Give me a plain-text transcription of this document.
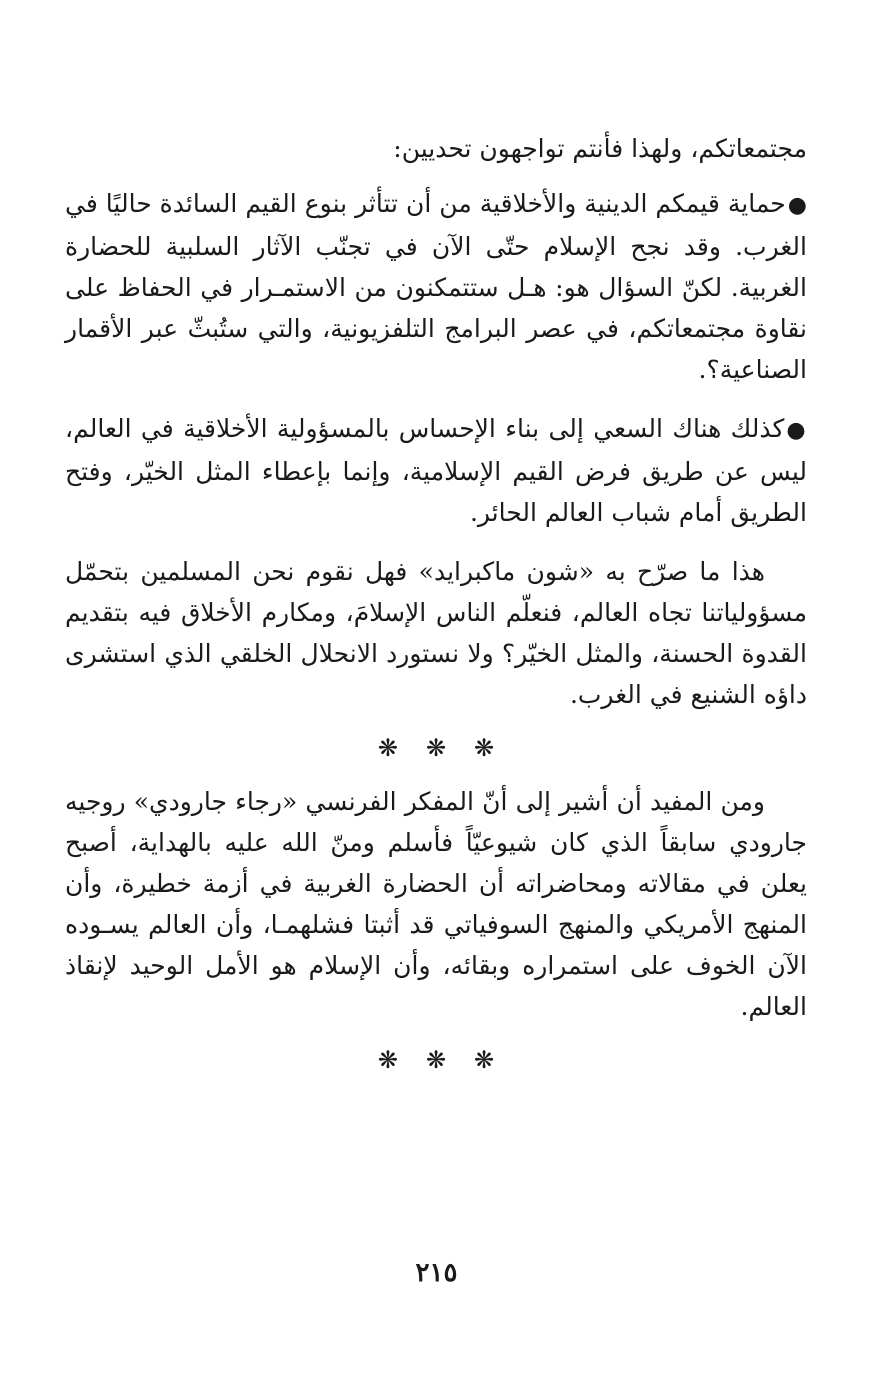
مجتمعاتكم، ولهذا فأنتم تواجهون تحديين:

●حماية قيمكم الدينية والأخلاقية من أن تتأثر بنوع القيم السائدة حاليًا في الغرب. وقد نجح الإسلام حتّى الآن في تجنّب الآثار السلبية للحضارة الغربية. لكنّ السؤال هو: هـل ستتمكنون من الاستمـرار في الحفاظ على نقاوة مجتمعاتكم، في عصر البرامج التلفزيونية، والتي ستُبثّ عبر الأقمار الصناعية؟.

●كذلك هناك السعي إلى بناء الإحساس بالمسؤولية الأخلاقية في العالم، ليس عن طريق فرض القيم الإسلامية، وإنما بإعطاء المثل الخيّر، وفتح الطريق أمام شباب العالم الحائر.

هذا ما صرّح به «شون ماكبرايد» فهل نقوم نحن المسلمين بتحمّل مسؤولياتنا تجاه العالم، فنعلّم الناس الإسلامَ، ومكارم الأخلاق فيه بتقديم القدوة الحسنة، والمثل الخيّر؟ ولا نستورد الانحلال الخلقي الذي استشرى داؤه الشنيع في الغرب.

❋ ❋ ❋

ومن المفيد أن أشير إلى أنّ المفكر الفرنسي «رجاء جارودي» روجيه جارودي سابقاً الذي كان شيوعيّاً فأسلم ومنّ الله عليه بالهداية، أصبح يعلن في مقالاته ومحاضراته أن الحضارة الغربية في أزمة خطيرة، وأن المنهج الأمريكي والمنهج السوفياتي قد أثبتا فشلهمـا، وأن العالم يسـوده الآن الخوف على استمراره وبقائه، وأن الإسلام هو الأمل الوحيد لإنقاذ العالم.

❋ ❋ ❋
٢١٥
